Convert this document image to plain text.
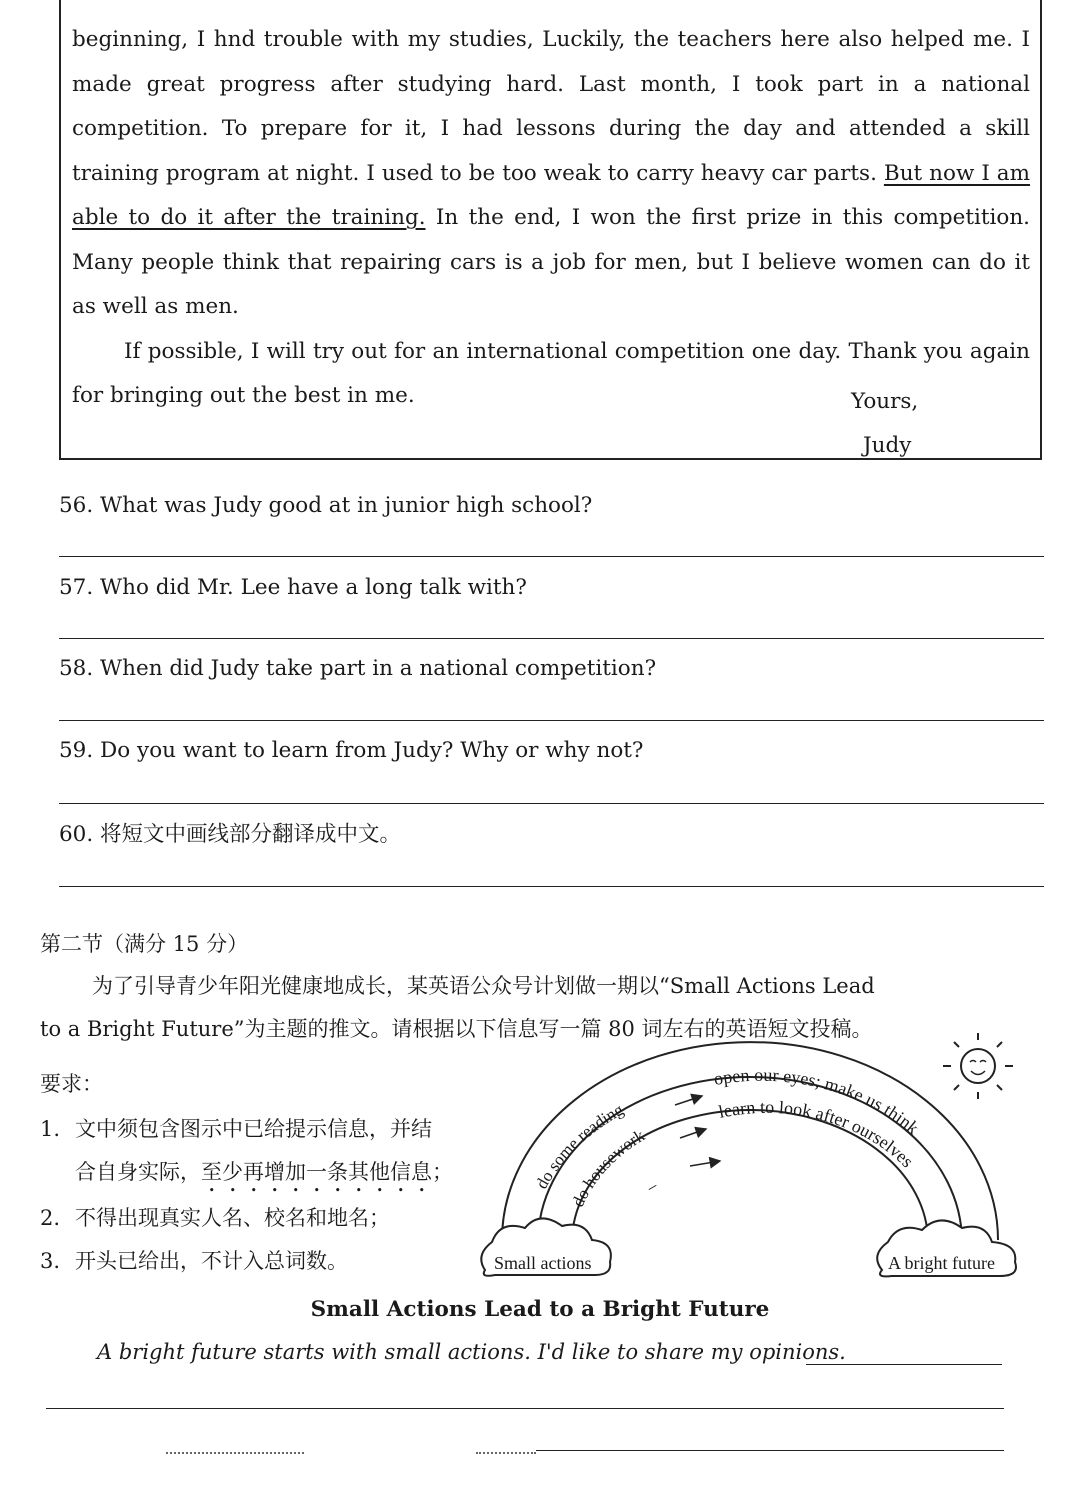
beginning, I hnd trouble with my studies, Luckily, the teachers here also helped me. I made great progress after studying hard. Last month, I took part in a national competition. To prepare for it, I had lessons during the day and attended a skill training program at night. I used to be too weak to carry heavy car parts. But now I am able to do it after the training. In the end, I won the first prize in this competition. Many people think that repairing cars is a job for men, but I believe women can do it as well as men.

If possible, I will try out for an international competition one day. Thank you again for bringing out the best in me.	Yours,
Judy
56. What was Judy good at in junior high school?
57. Who did Mr. Lee have a long talk with?
58. When did Judy take part in a national competition?
59. Do you want to learn from Judy? Why or why not?
60. 将短文中画线部分翻译成中文。
第二节（满分 15 分）
为了引导青少年阳光健康地成长，某英语公众号计划做一期以“Small Actions Lead
to a Bright Future”为主题的推文。请根据以下信息写一篇 80 词左右的英语短文投稿。
要求：
1. 文中须包含图示中已给提示信息，并结
合自身实际，至少再增加一条其他信息；
2. 不得出现真实人名、校名和地名；
3. 开头已给出，不计入总词数。	Small actions	A bright future
do some reading
open our eyes; make us think
do housework
learn to look after ourselves
_
Small Actions Lead to a Bright Future
A bright future starts with small actions. I'd like to share my opinions.
